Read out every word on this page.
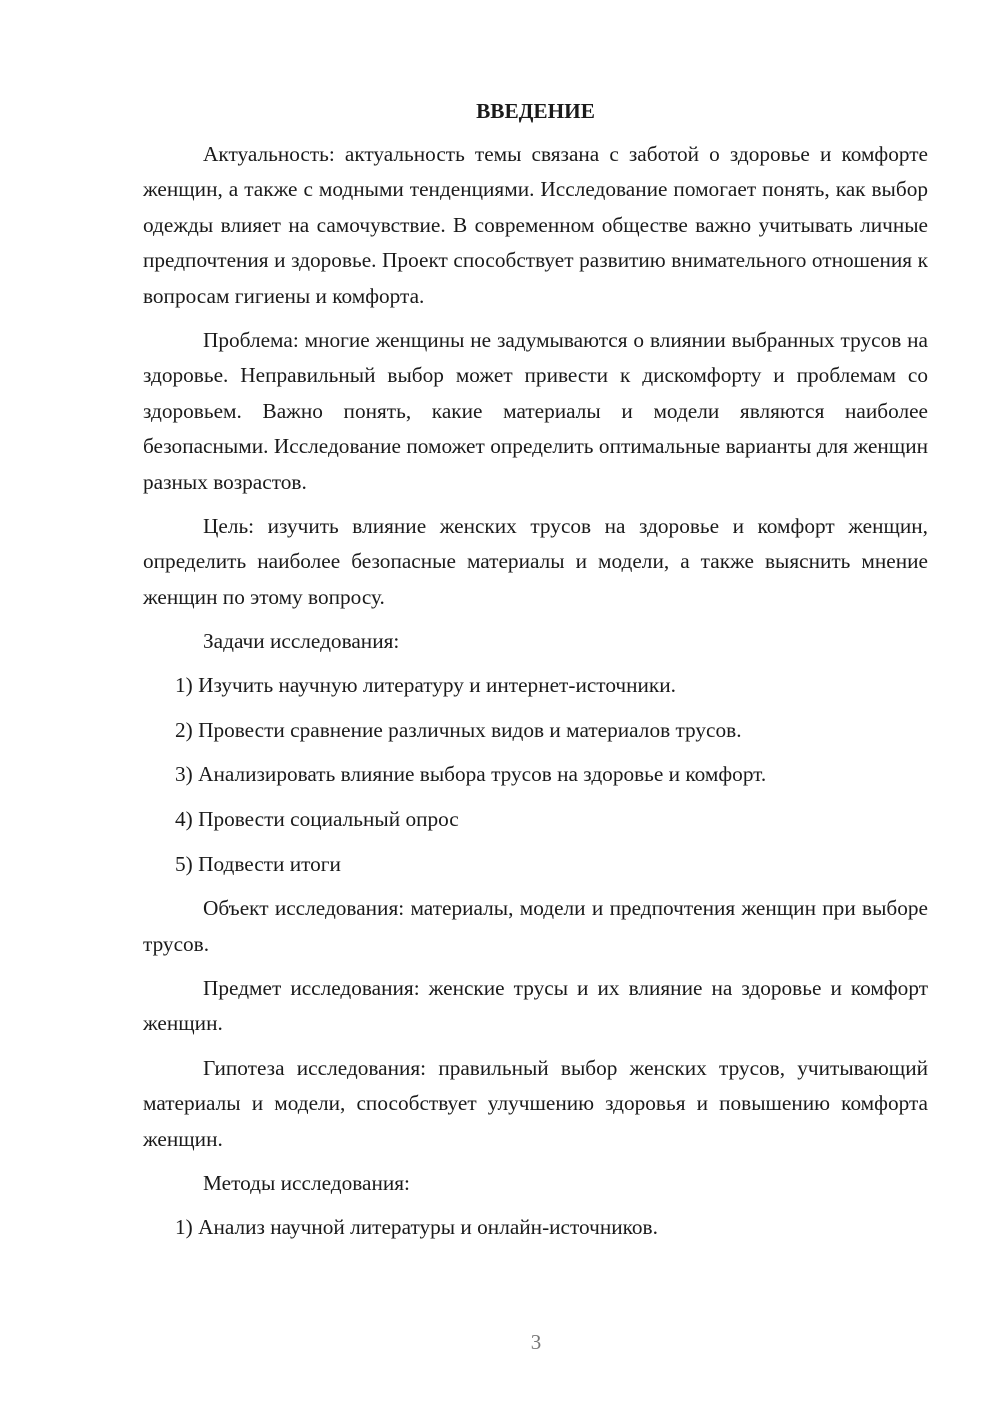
ВВЕДЕНИЕ

Актуальность: актуальность темы связана с заботой о здоровье и комфорте женщин, а также с модными тенденциями. Исследование помогает понять, как выбор одежды влияет на самочувствие. В современном обществе важно учитывать личные предпочтения и здоровье. Проект способствует развитию внимательного отношения к вопросам гигиены и комфорта.

Проблема: многие женщины не задумываются о влиянии выбранных трусов на здоровье. Неправильный выбор может привести к дискомфорту и проблемам со здоровьем. Важно понять, какие материалы и модели являются наиболее безопасными. Исследование поможет определить оптимальные варианты для женщин разных возрастов.

Цель: изучить влияние женских трусов на здоровье и комфорт женщин, определить наиболее безопасные материалы и модели, а также выяснить мнение женщин по этому вопросу.

Задачи исследования:

1) Изучить научную литературу и интернет-источники.

2) Провести сравнение различных видов и материалов трусов.

3) Анализировать влияние выбора трусов на здоровье и комфорт.

4) Провести социальный опрос

5) Подвести итоги

Объект исследования: материалы, модели и предпочтения женщин при выборе трусов.

Предмет исследования: женские трусы и их влияние на здоровье и комфорт женщин.

Гипотеза исследования: правильный выбор женских трусов, учитывающий материалы и модели, способствует улучшению здоровья и повышению комфорта женщин.

Методы исследования:

1) Анализ научной литературы и онлайн-источников.

3
